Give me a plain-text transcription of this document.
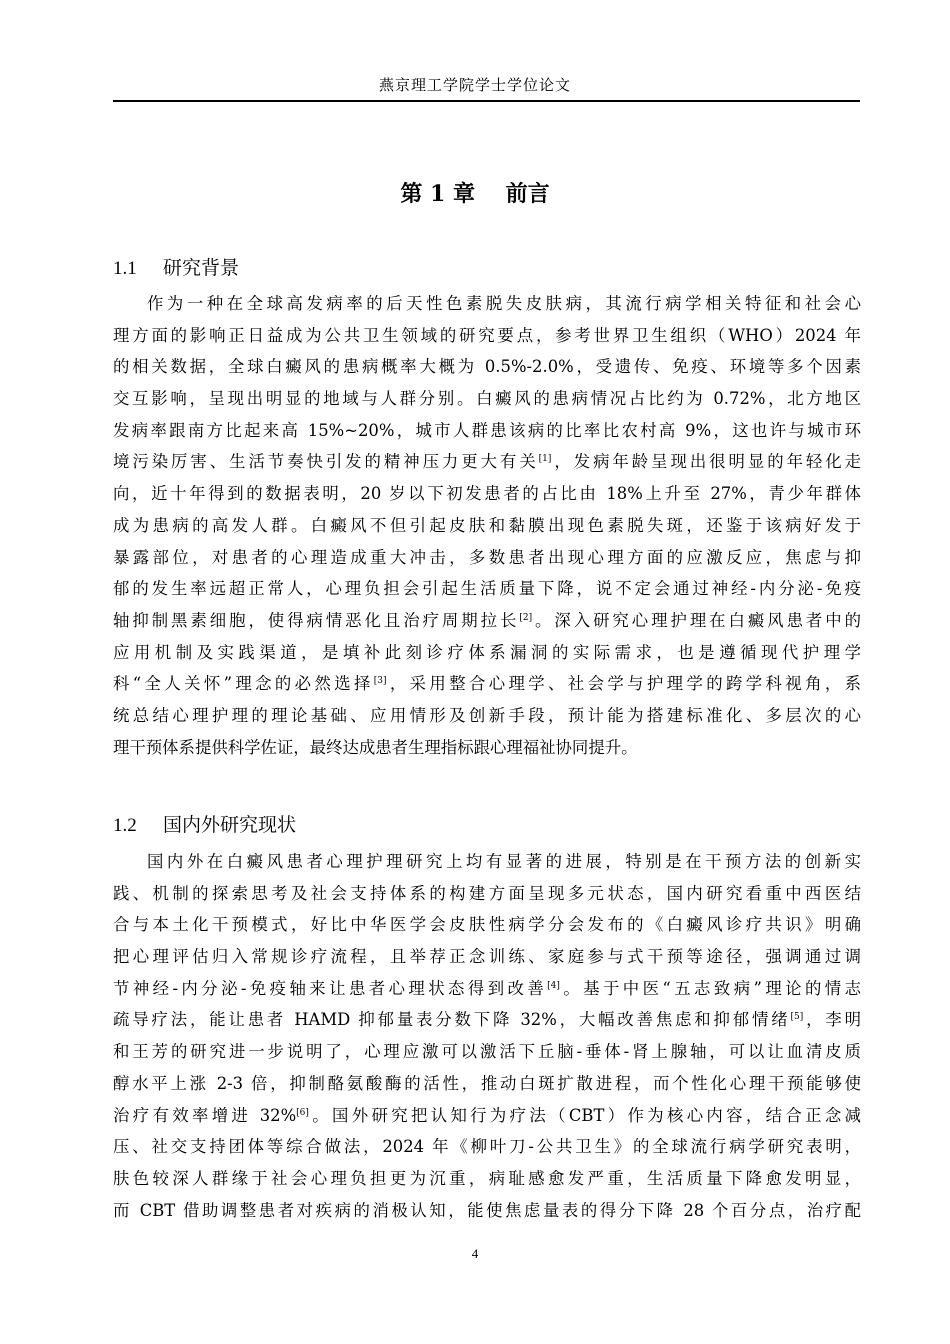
燕京理工学院学士学位论文
第 1 章 前言
1.1 研究背景
作为一种在全球高发病率的后天性色素脱失皮肤病，其流行病学相关特征和社会心
理方面的影响正日益成为公共卫生领域的研究要点，参考世界卫生组织（WHO）2024 年
的相关数据，全球白癜风的患病概率大概为 0.5%-2.0%，受遗传、免疫、环境等多个因素
交互影响，呈现出明显的地域与人群分别。白癜风的患病情况占比约为 0.72%，北方地区
发病率跟南方比起来高 15%~20%，城市人群患该病的比率比农村高 9%，这也许与城市环
境污染厉害、生活节奏快引发的精神压力更大有关[1]，发病年龄呈现出很明显的年轻化走
向，近十年得到的数据表明，20 岁以下初发患者的占比由 18%上升至 27%，青少年群体
成为患病的高发人群。白癜风不但引起皮肤和黏膜出现色素脱失斑，还鉴于该病好发于
暴露部位，对患者的心理造成重大冲击，多数患者出现心理方面的应激反应，焦虑与抑
郁的发生率远超正常人，心理负担会引起生活质量下降，说不定会通过神经-内分泌-免疫
轴抑制黑素细胞，使得病情恶化且治疗周期拉长[2]。深入研究心理护理在白癜风患者中的
应用机制及实践渠道，是填补此刻诊疗体系漏洞的实际需求，也是遵循现代护理学
科“全人关怀”理念的必然选择[3]，采用整合心理学、社会学与护理学的跨学科视角，系
统总结心理护理的理论基础、应用情形及创新手段，预计能为搭建标准化、多层次的心
理干预体系提供科学佐证，最终达成患者生理指标跟心理福祉协同提升。
1.2 国内外研究现状
国内外在白癜风患者心理护理研究上均有显著的进展，特别是在干预方法的创新实
践、机制的探索思考及社会支持体系的构建方面呈现多元状态，国内研究看重中西医结
合与本土化干预模式，好比中华医学会皮肤性病学分会发布的《白癜风诊疗共识》明确
把心理评估归入常规诊疗流程，且举荐正念训练、家庭参与式干预等途径，强调通过调
节神经-内分泌-免疫轴来让患者心理状态得到改善[4]。基于中医“五志致病”理论的情志
疏导疗法，能让患者 HAMD 抑郁量表分数下降 32%，大幅改善焦虑和抑郁情绪[5]，李明
和王芳的研究进一步说明了，心理应激可以激活下丘脑-垂体-肾上腺轴，可以让血清皮质
醇水平上涨 2-3 倍，抑制酪氨酸酶的活性，推动白斑扩散进程，而个性化心理干预能够使
治疗有效率增进 32%[6]。国外研究把认知行为疗法（CBT）作为核心内容，结合正念减
压、社交支持团体等综合做法，2024 年《柳叶刀-公共卫生》的全球流行病学研究表明，
肤色较深人群缘于社会心理负担更为沉重，病耻感愈发严重，生活质量下降愈发明显，
而 CBT 借助调整患者对疾病的消极认知，能使焦虑量表的得分下降 28 个百分点，治疗配
4
